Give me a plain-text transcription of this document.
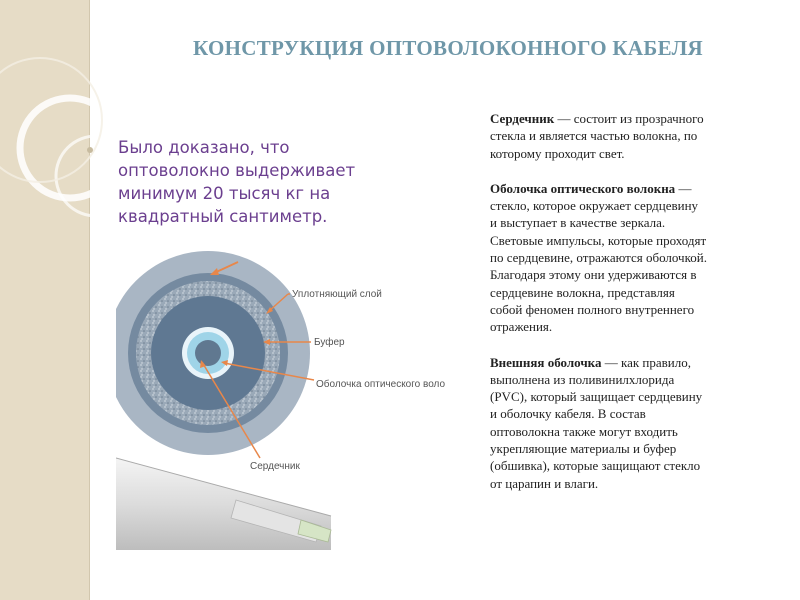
КОНСТРУКЦИЯ ОПТОВОЛОКОННОГО КАБЕЛЯ
Было доказано, что
оптоволокно выдерживает
минимум 20 тысяч кг на
квадратный сантиметр.
Уплотняющий слой
Буфер
Оболочка оптического воло
Сердечник
Сердечник — состоит из прозрачного
стекла и является частью волокна, по
которому проходит свет.
Оболочка оптического волокна —
стекло, которое окружает сердцевину
и выступает в качестве зеркала.
Световые импульсы, которые проходят
по сердцевине, отражаются оболочкой.
Благодаря этому они удерживаются в
сердцевине волокна, представляя
собой феномен полного внутреннего
отражения.
Внешняя оболочка — как правило,
выполнена из поливинилхлорида
(PVC), который защищает сердцевину
и оболочку кабеля. В состав
оптоволокна также могут входить
укрепляющие материалы и буфер
(обшивка), которые защищают стекло
от царапин и влаги.
